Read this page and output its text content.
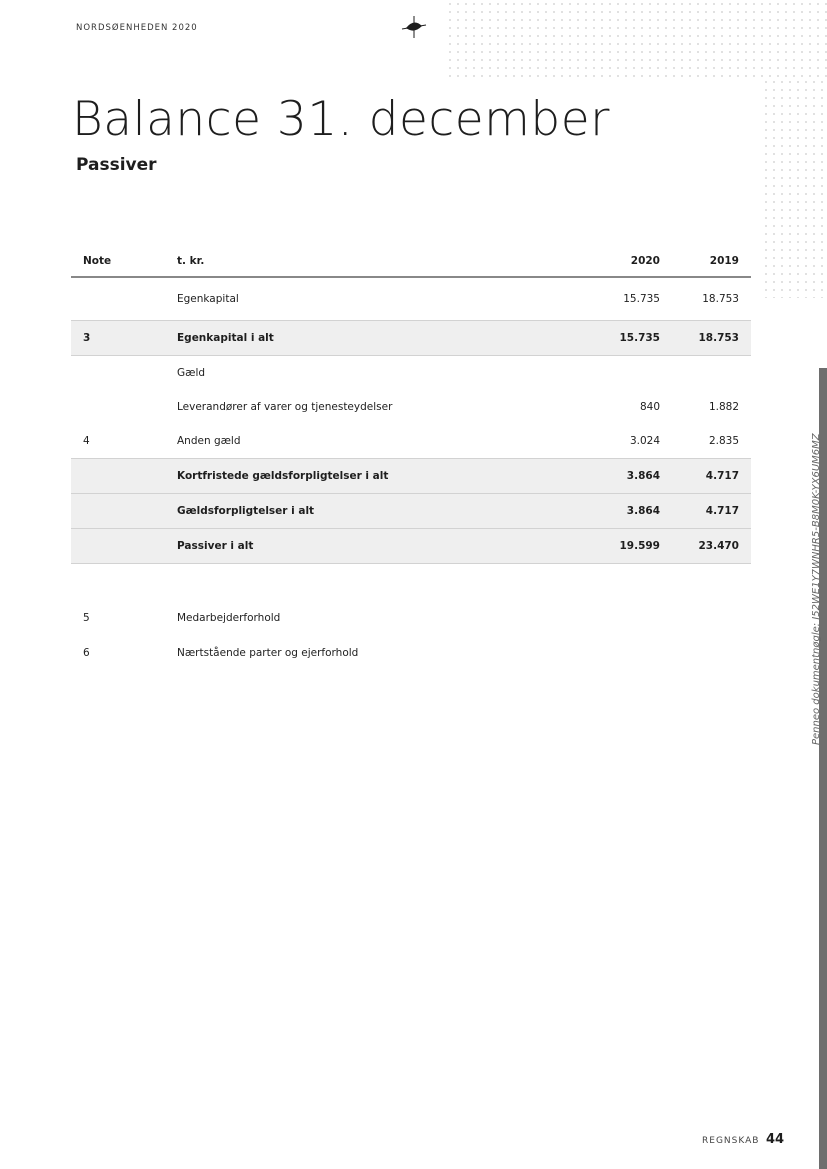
NORDSØENHEDEN 2020
Balance 31. december
Passiver
Note	t. kr.	2020	2019
	Egenkapital	15.735	18.753
3	Egenkapital i alt	15.735	18.753
	Gæld		
	Leverandører af varer og tjenesteydelser	840	1.882
4	Anden gæld	3.024	2.835
	Kortfristede gældsforpligtelser i alt	3.864	4.717
	Gældsforpligtelser i alt	3.864	4.717
	Passiver i alt	19.599	23.470
5	Medarbejderforhold
6	Nærtstående parter og ejerforhold	Penneo dokumentnøgle: I52WE1Y7WNHR5-B8M0K-YX6UM6MZ
REGNSKAB 44
